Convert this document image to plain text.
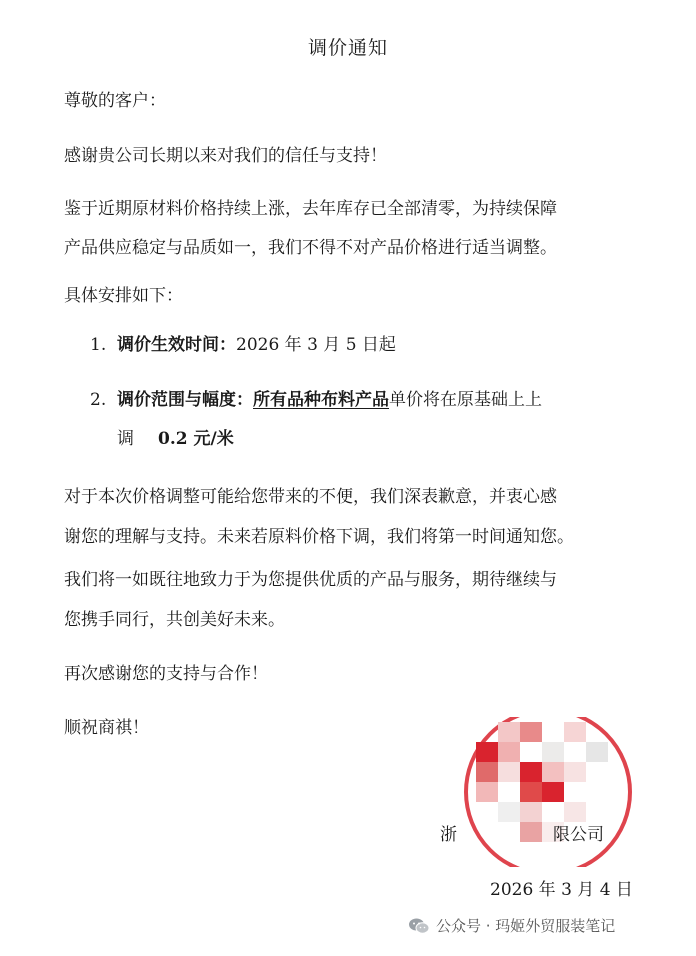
调价通知
尊敬的客户：
感谢贵公司长期以来对我们的信任与支持！
鉴于近期原材料价格持续上涨，去年库存已全部清零，为持续保障
产品供应稳定与品质如一，我们不得不对产品价格进行适当调整。
具体安排如下：
1. 调价生效时间：2026 年 3 月 5 日起
2. 调价范围与幅度：所有品种布料产品单价将在原基础上上
调 0.2 元/米
对于本次价格调整可能给您带来的不便，我们深表歉意，并衷心感
谢您的理解与支持。未来若原料价格下调，我们将第一时间通知您。
我们将一如既往地致力于为您提供优质的产品与服务，期待继续与
您携手同行，共创美好未来。
再次感谢您的支持与合作！
顺祝商祺！
浙	限公司
2026 年 3 月 4 日
公众号 · 玛姬外贸服装笔记
